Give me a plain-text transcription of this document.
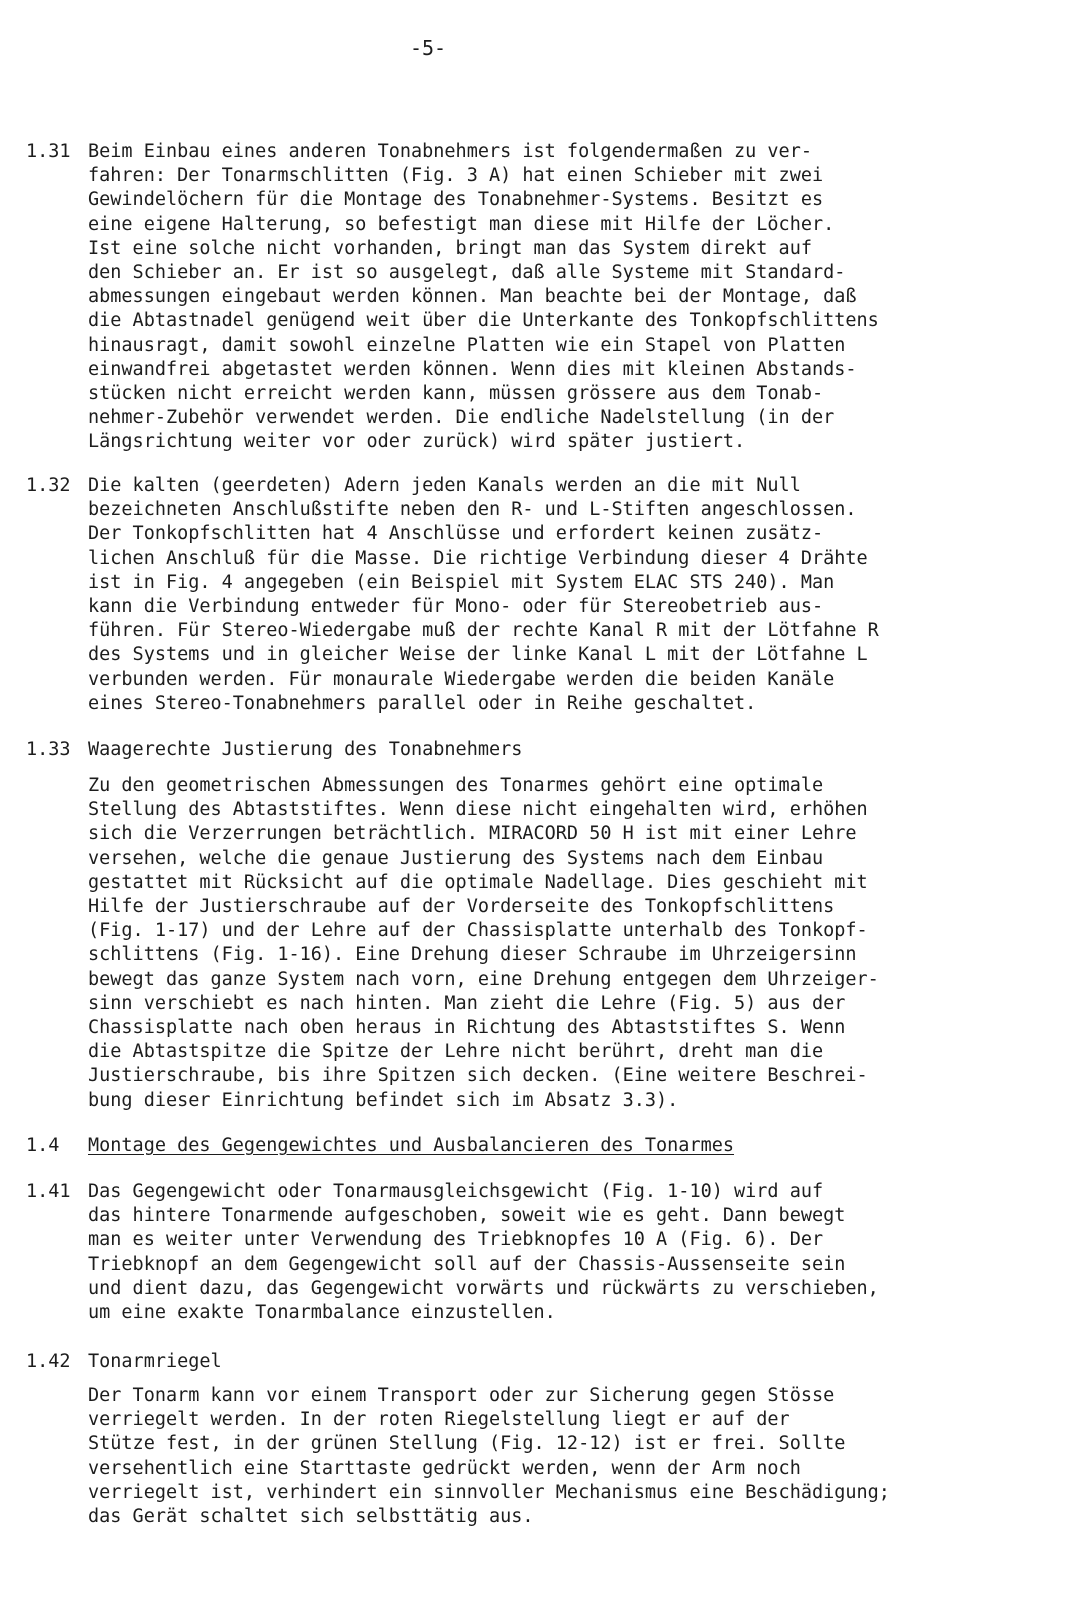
-5-
1.31 Beim Einbau eines anderen Tonabnehmers ist folgendermaßen zu ver-
fahren: Der Tonarmschlitten (Fig. 3 A) hat einen Schieber mit zwei
Gewindelöchern für die Montage des Tonabnehmer-Systems. Besitzt es
eine eigene Halterung, so befestigt man diese mit Hilfe der Löcher.
Ist eine solche nicht vorhanden, bringt man das System direkt auf
den Schieber an. Er ist so ausgelegt, daß alle Systeme mit Standard-
abmessungen eingebaut werden können. Man beachte bei der Montage, daß
die Abtastnadel genügend weit über die Unterkante des Tonkopfschlittens
hinausragt, damit sowohl einzelne Platten wie ein Stapel von Platten
einwandfrei abgetastet werden können. Wenn dies mit kleinen Abstands-
stücken nicht erreicht werden kann, müssen grössere aus dem Tonab-
nehmer-Zubehör verwendet werden. Die endliche Nadelstellung (in der
Längsrichtung weiter vor oder zurück) wird später justiert.
1.32 Die kalten (geerdeten) Adern jeden Kanals werden an die mit Null
bezeichneten Anschlußstifte neben den R- und L-Stiften angeschlossen.
Der Tonkopfschlitten hat 4 Anschlüsse und erfordert keinen zusätz-
lichen Anschluß für die Masse. Die richtige Verbindung dieser 4 Drähte
ist in Fig. 4 angegeben (ein Beispiel mit System ELAC STS 240). Man
kann die Verbindung entweder für Mono- oder für Stereobetrieb aus-
führen. Für Stereo-Wiedergabe muß der rechte Kanal R mit der Lötfahne R
des Systems und in gleicher Weise der linke Kanal L mit der Lötfahne L
verbunden werden. Für monaurale Wiedergabe werden die beiden Kanäle
eines Stereo-Tonabnehmers parallel oder in Reihe geschaltet.
1.33 Waagerechte Justierung des Tonabnehmers
Zu den geometrischen Abmessungen des Tonarmes gehört eine optimale
Stellung des Abtaststiftes. Wenn diese nicht eingehalten wird, erhöhen
sich die Verzerrungen beträchtlich. MIRACORD 50 H ist mit einer Lehre
versehen, welche die genaue Justierung des Systems nach dem Einbau
gestattet mit Rücksicht auf die optimale Nadellage. Dies geschieht mit
Hilfe der Justierschraube auf der Vorderseite des Tonkopfschlittens
(Fig. 1-17) und der Lehre auf der Chassisplatte unterhalb des Tonkopf-
schlittens (Fig. 1-16). Eine Drehung dieser Schraube im Uhrzeigersinn
bewegt das ganze System nach vorn, eine Drehung entgegen dem Uhrzeiger-
sinn verschiebt es nach hinten. Man zieht die Lehre (Fig. 5) aus der
Chassisplatte nach oben heraus in Richtung des Abtaststiftes S. Wenn
die Abtastspitze die Spitze der Lehre nicht berührt, dreht man die
Justierschraube, bis ihre Spitzen sich decken. (Eine weitere Beschrei-
bung dieser Einrichtung befindet sich im Absatz 3.3).
1.4 Montage des Gegengewichtes und Ausbalancieren des Tonarmes
1.41 Das Gegengewicht oder Tonarmausgleichsgewicht (Fig. 1-10) wird auf
das hintere Tonarmende aufgeschoben, soweit wie es geht. Dann bewegt
man es weiter unter Verwendung des Triebknopfes 10 A (Fig. 6). Der
Triebknopf an dem Gegengewicht soll auf der Chassis-Aussenseite sein
und dient dazu, das Gegengewicht vorwärts und rückwärts zu verschieben,
um eine exakte Tonarmbalance einzustellen.
1.42 Tonarmriegel
Der Tonarm kann vor einem Transport oder zur Sicherung gegen Stösse
verriegelt werden. In der roten Riegelstellung liegt er auf der
Stütze fest, in der grünen Stellung (Fig. 12-12) ist er frei. Sollte
versehentlich eine Starttaste gedrückt werden, wenn der Arm noch
verriegelt ist, verhindert ein sinnvoller Mechanismus eine Beschädigung;
das Gerät schaltet sich selbsttätig aus.
